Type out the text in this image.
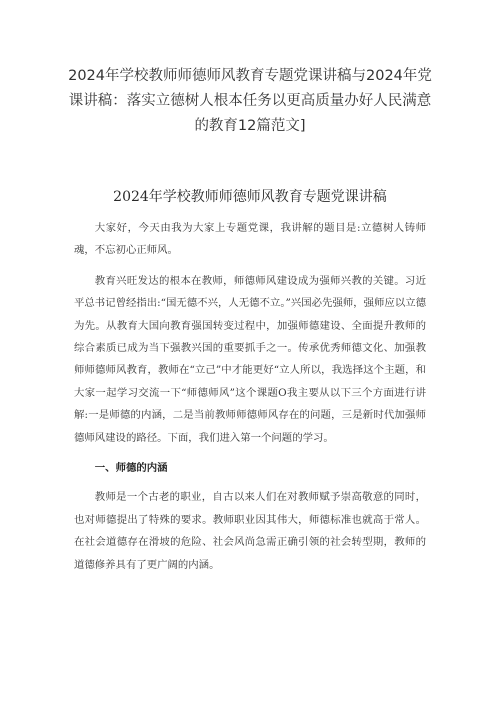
2024年学校教师师德师风教育专题党课讲稿与2024年党课讲稿：落实立德树人根本任务以更高质量办好人民满意的教育12篇范文]
2024年学校教师师德师风教育专题党课讲稿

大家好，今天由我为大家上专题党课，我讲解的题目是:立德树人铸师魂，不忘初心正师风。

教育兴旺发达的根本在教师，师德师风建设成为强师兴教的关键。习近平总书记曾经指出:“国无德不兴，人无德不立。”兴国必先强师，强师应以立德为先。从教育大国向教育强国转变过程中，加强师德建设、全面提升教师的综合素质已成为当下强教兴国的重要抓手之一。传承优秀师德文化、加强教师师德师风教育，教师在“立己”中才能更好“立人所以，我选择这个主题，和大家一起学习交流一下“师德师风”这个课题O我主要从以下三个方面进行讲解:一是师德的内涵，二是当前教师师德师风存在的问题，三是新时代加强师德师风建设的路径。下面，我们进入第一个问题的学习。

一、师德的内涵

教师是一个古老的职业，自古以来人们在对教师赋予崇高敬意的同时，也对师德提出了特殊的要求。教师职业因其伟大，师德标准也就高于常人。在社会道德存在滑坡的危险、社会风尚急需正确引领的社会转型期，教师的道德修养具有了更广阔的内涵。
